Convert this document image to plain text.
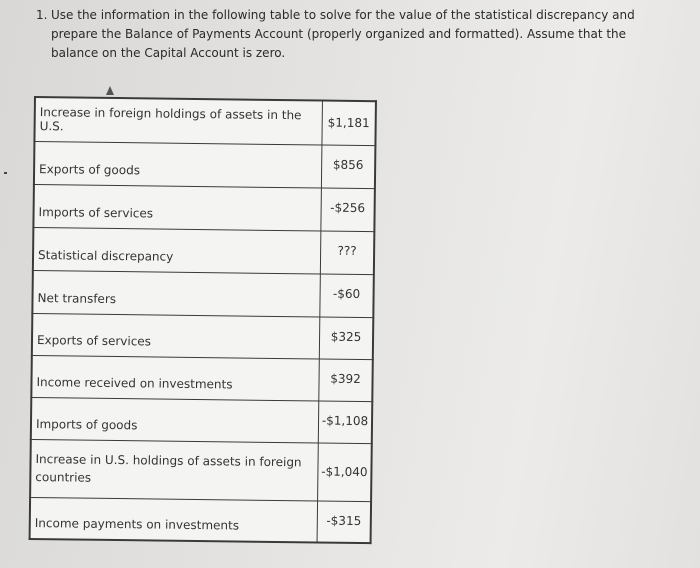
1. Use the information in the following table to solve for the value of the statistical discrepancy and prepare the Balance of Payments Account (properly organized and formatted). Assume that the balance on the Capital Account is zero.
Increase in foreign holdings of assets in the U.S.	$1,181
Exports of goods	$856
Imports of services	-$256
Statistical discrepancy	???
Net transfers	-$60
Exports of services	$325
Income received on investments	$392
Imports of goods	-$1,108
Increase in U.S. holdings of assets in foreign countries	-$1,040
Income payments on investments	-$315
